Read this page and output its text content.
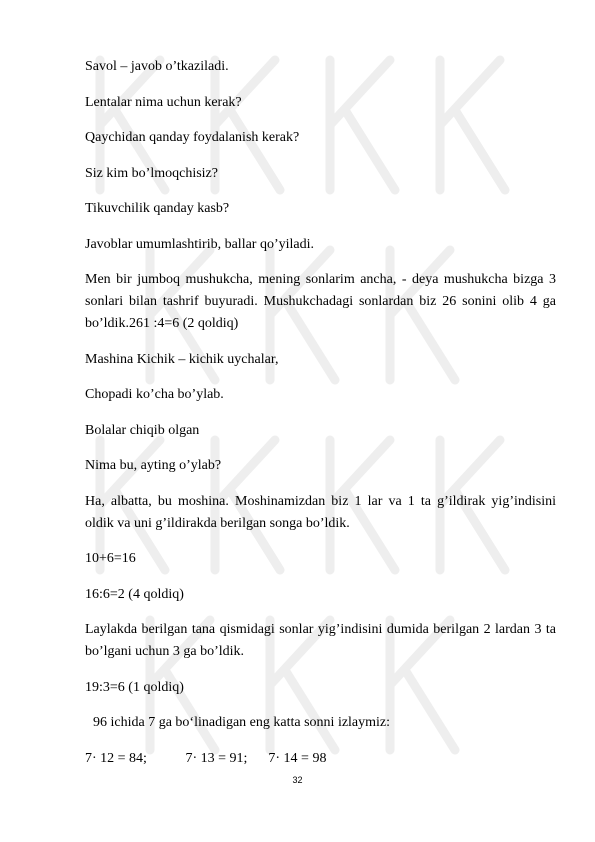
Savol – javob o’tkaziladi.

Lentalar nima uchun kerak?

Qaychidan qanday foydalanish kerak?

Siz kim bo’lmoqchisiz?

Tikuvchilik qanday kasb?

Javoblar umumlashtirib, ballar qo’yiladi.

Men bir jumboq mushukcha, mening sonlarim ancha, - deya mushukcha bizga 3 sonlari bilan tashrif buyuradi. Mushukchadagi sonlardan biz 26 sonini olib 4 ga bo’ldik.261 :4=6 (2 qoldiq)

Mashina Kichik – kichik uychalar,

Chopadi ko’cha bo’ylab.

Bolalar chiqib olgan

Nima bu, ayting o’ylab?

Ha, albatta, bu moshina. Moshinamizdan biz 1 lar va 1 ta g’ildirak yig’indisini oldik va uni g’ildirakda berilgan songa bo’ldik.

10+6=16

16:6=2 (4 qoldiq)

Laylakda berilgan tana qismidagi sonlar yig’indisini dumida berilgan 2 lardan 3 ta bo’lgani uchun 3 ga bo’ldik.

19:3=6 (1 qoldiq)

96 ichida 7 ga bo‘linadigan eng katta sonni izlaymiz:

7· 12 = 84;           7· 13 = 91;      7· 14 = 98

32
